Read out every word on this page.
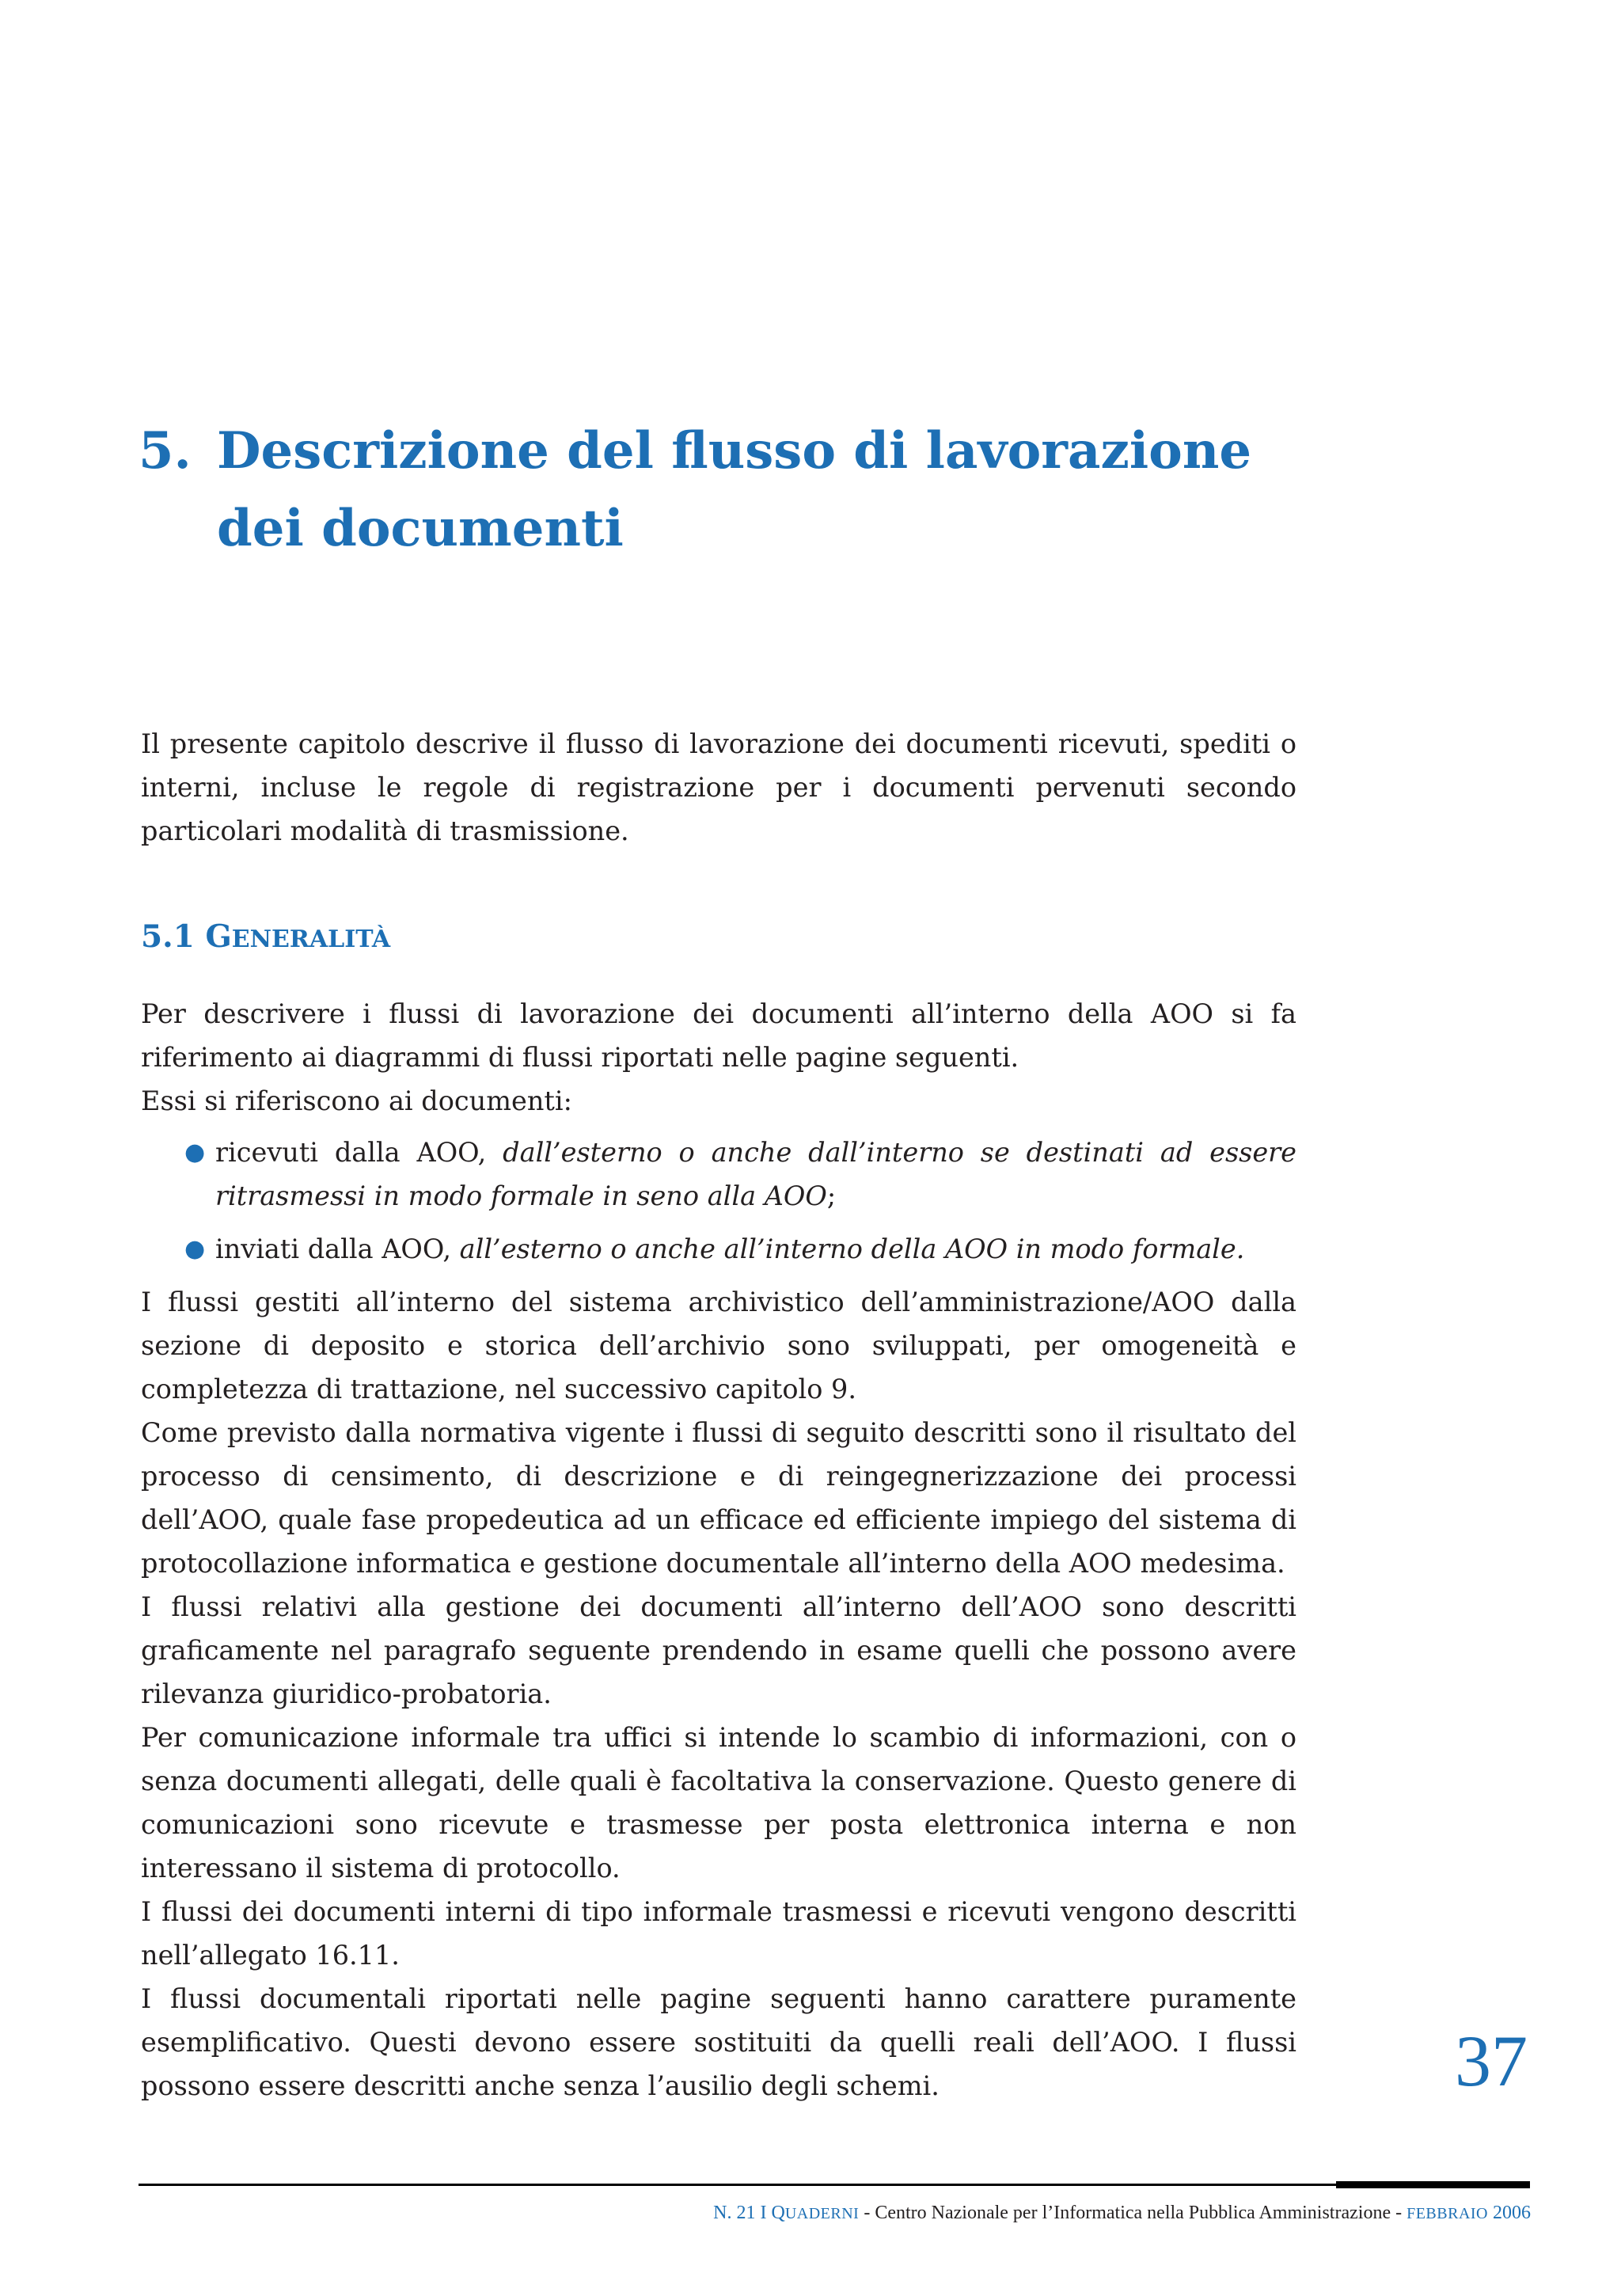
5. Descrizione del flusso di lavorazione dei documenti

Il presente capitolo descrive il flusso di lavorazione dei documenti ricevuti, spediti o interni, incluse le regole di registrazione per i documenti pervenuti secondo particolari modalità di trasmissione.

5.1 GENERALITÀ

Per descrivere i flussi di lavorazione dei documenti all’interno della AOO si fa riferimento ai diagrammi di flussi riportati nelle pagine seguenti.

Essi si riferiscono ai documenti:

● ricevuti dalla AOO, dall’esterno o anche dall’interno se destinati ad essere ritrasmessi in modo formale in seno alla AOO;
● inviati dalla AOO, all’esterno o anche all’interno della AOO in modo formale.

I flussi gestiti all’interno del sistema archivistico dell’amministrazione/AOO dalla sezione di deposito e storica dell’archivio sono sviluppati, per omogeneità e completezza di trattazione, nel successivo capitolo 9.

Come previsto dalla normativa vigente i flussi di seguito descritti sono il risultato del processo di censimento, di descrizione e di reingegnerizzazione dei processi dell’AOO, quale fase propedeutica ad un efficace ed efficiente impiego del sistema di protocollazione informatica e gestione documentale all’interno della AOO medesima.

I flussi relativi alla gestione dei documenti all’interno dell’AOO sono descritti graficamente nel paragrafo seguente prendendo in esame quelli che possono avere rilevanza giuridico-probatoria.

Per comunicazione informale tra uffici si intende lo scambio di informazioni, con o senza documenti allegati, delle quali è facoltativa la conservazione. Questo genere di comunicazioni sono ricevute e trasmesse per posta elettronica interna e non interessano il sistema di protocollo.

I flussi dei documenti interni di tipo informale trasmessi e ricevuti vengono descritti nell’allegato 16.11.

I flussi documentali riportati nelle pagine seguenti hanno carattere puramente esemplificativo. Questi devono essere sostituiti da quelli reali dell’AOO. I flussi possono essere descritti anche senza l’ausilio degli schemi.	37
N. 21 I QUADERNI - Centro Nazionale per l’Informatica nella Pubblica Amministrazione - FEBBRAIO 2006
